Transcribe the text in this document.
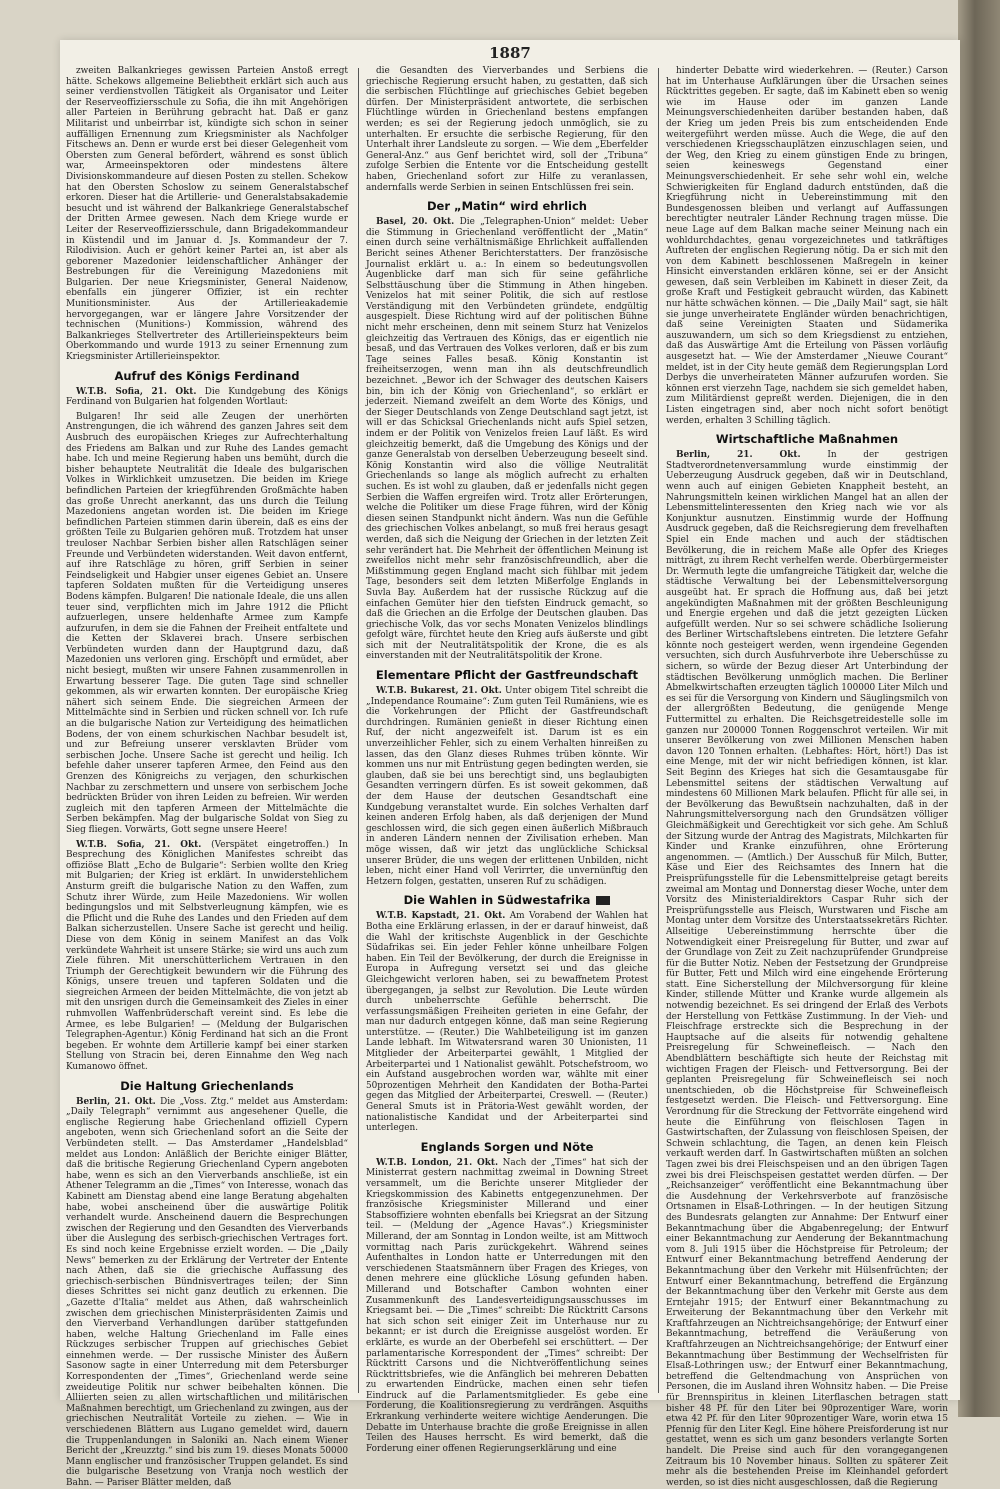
1887

zweiten Balkankrieges gewissen Parteien Anstoß erregt hätte. Schekows allgemeine Beliebtheit erklärt sich auch aus seiner verdienstvollen Tätigkeit als Organisator und Leiter der Reserveoffiziersschule zu Sofia, die ihn mit Angehörigen aller Parteien in Berührung gebracht hat. Daß er ganz Militarist und unbeirrbar ist, kündigte sich schon in seiner auffälligen Ernennung zum Kriegsminister als Nachfolger Fitschews an. Denn er wurde erst bei dieser Gelegenheit vom Obersten zum General befördert, während es sonst üblich war, Armeeinspektoren oder mindestens ältere Divisionskommandeure auf diesen Posten zu stellen. Schekow hat den Obersten Schoslow zu seinem Generalstabschef erkoren. Dieser hat die Artillerie- und Generalstabsakademie besucht und ist während der Balkankriege Generalstabschef der Dritten Armee gewesen. Nach dem Kriege wurde er Leiter der Reserveoffiziersschule, dann Brigadekommandeur in Küstendil und im Januar d. Js. Kommandeur der 7. Rilodivision. Auch er gehört keiner Partei an, ist aber als geborener Mazedonier leidenschaftlicher Anhänger der Bestrebungen für die Vereinigung Mazedoniens mit Bulgarien. Der neue Kriegsminister, General Naidenow, ebenfalls ein jüngerer Offizier, ist ein rechter Munitionsminister. Aus der Artillerieakademie hervorgegangen, war er längere Jahre Vorsitzender der technischen (Munitions-) Kommission, während des Balkankrieges Stellvertreter des Artillerieinspekteurs beim Oberkommando und wurde 1913 zu seiner Ernennung zum Kriegsminister Artillerieinspektor.

Aufruf des Königs Ferdinand

W.T.B. Sofia, 21. Okt. Die Kundgebung des Königs Ferdinand von Bulgarien hat folgenden Wortlaut:

Bulgaren! Ihr seid alle Zeugen der unerhörten Anstrengungen, die ich während des ganzen Jahres seit dem Ausbruch des europäischen Krieges zur Aufrechterhaltung des Friedens am Balkan und zur Ruhe des Landes gemacht habe. Ich und meine Regierung haben uns bemüht, durch die bisher behauptete Neutralität die Ideale des bulgarischen Volkes in Wirklichkeit umzusetzen. Die beiden im Kriege befindlichen Parteien der kriegführenden Großmächte haben das große Unrecht anerkannt, das uns durch die Teilung Mazedoniens angetan worden ist. Die beiden im Kriege befindlichen Parteien stimmen darin überein, daß es eins der größten Teile zu Bulgarien gehören muß. Trotzdem hat unser treuloser Nachbar Serbien bisher allen Ratschlägen seiner Freunde und Verbündeten widerstanden. Weit davon entfernt, auf ihre Ratschläge zu hören, griff Serbien in seiner Feindseligkeit und Habgier unser eigenes Gebiet an. Unsere tapferen Soldaten mußten für die Verteidigung unseres Bodens kämpfen. Bulgaren! Die nationale Ideale, die uns allen teuer sind, verpflichten mich im Jahre 1912 die Pflicht aufzuerlegen, unsere heldenhafte Armee zum Kampfe aufzurufen, in dem sie die Fahnen der Freiheit entfaltete und die Ketten der Sklaverei brach. Unsere serbischen Verbündeten wurden dann der Hauptgrund dazu, daß Mazedonien uns verloren ging. Erschöpft und ermüdet, aber nicht besiegt, mußten wir unsere Fahnen zusammenrollen in Erwartung besserer Tage. Die guten Tage sind schneller gekommen, als wir erwarten konnten. Der europäische Krieg nähert sich seinem Ende. Die siegreichen Armeen der Mittelmächte sind in Serbien und rücken schnell vor. Ich rufe an die bulgarische Nation zur Verteidigung des heimatlichen Bodens, der von einem schurkischen Nachbar besudelt ist, und zur Befreiung unserer versklavten Brüder vom serbischen Joche. Unsere Sache ist gerecht und heilig. Ich befehle daher unserer tapferen Armee, den Feind aus den Grenzen des Königreichs zu verjagen, den schurkischen Nachbar zu zerschmettern und unsere von serbischem Joche bedrückten Brüder von ihren Leiden zu befreien. Wir werden zugleich mit den tapferen Armeen der Mittelmächte die Serben bekämpfen. Mag der bulgarische Soldat von Sieg zu Sieg fliegen. Vorwärts, Gott segne unsere Heere!

W.T.B. Sofia, 21. Okt. (Verspätet eingetroffen.) In Besprechung des Königlichen Manifestes schreibt das offiziöse Blatt „Echo de Bulgarie“: Serbien wollte den Krieg mit Bulgarien; der Krieg ist erklärt. In unwiderstehlichem Ansturm greift die bulgarische Nation zu den Waffen, zum Schutz ihrer Würde, zum Heile Mazedoniens. Wir wollen bedingungslos und mit Selbstverleugnung kämpfen, wie es die Pflicht und die Ruhe des Landes und den Frieden auf dem Balkan sicherzustellen. Unsere Sache ist gerecht und heilig. Diese von dem König in seinem Manifest an das Volk verkündete Wahrheit ist unsere Stärke; sie wird uns auch zum Ziele führen. Mit unerschütterlichem Vertrauen in den Triumph der Gerechtigkeit bewundern wir die Führung des Königs, unsere treuen und tapferen Soldaten und die siegreichen Armeen der beiden Mittelmächte, die von jetzt ab mit den unsrigen durch die Gemeinsamkeit des Zieles in einer ruhmvollen Waffenbrüderschaft vereint sind. Es lebe die Armee, es lebe Bulgarien! — (Meldung der Bulgarischen Telegraphen-Agentur.) König Ferdinand hat sich an die Front begeben. Er wohnte dem Artillerie kampf bei einer starken Stellung von Stracin bei, deren Einnahme den Weg nach Kumanowo öffnet.

Die Haltung Griechenlands

Berlin, 21. Okt. Die „Voss. Ztg.“ meldet aus Amsterdam: „Daily Telegraph“ vernimmt aus angesehener Quelle, die englische Regierung habe Griechenland offiziell Cypern angeboten, wenn sich Griechenland sofort an die Seite der Verbündeten stellt. — Das Amsterdamer „Handelsblad“ meldet aus London: Anläßlich der Berichte einiger Blätter, daß die britische Regierung Griechenland Cypern angeboten habe, wenn es sich an den Vierverbands anschließe, ist ein Athener Telegramm an die „Times“ von Interesse, wonach das Kabinett am Dienstag abend eine lange Beratung abgehalten habe, wobei anscheinend über die auswärtige Politik verhandelt wurde. Anscheinend dauern die Besprechungen zwischen der Regierung und den Gesandten des Vierverbands über die Auslegung des serbisch-griechischen Vertrages fort. Es sind noch keine Ergebnisse erzielt worden. — Die „Daily News“ bemerken zu der Erklärung der Vertreter der Entente nach Athen, daß sie die griechische Auffassung des griechisch-serbischen Bündnisvertrages teilen; der Sinn dieses Schrittes sei nicht ganz deutlich zu erkennen. Die „Gazette d'Italia“ meldet aus Athen, daß wahrscheinlich zwischen dem griechischen Ministerpräsidenten Zaimis und den Vierverband Verhandlungen darüber stattgefunden haben, welche Haltung Griechenland im Falle eines Rückzuges serbischer Truppen auf griechisches Gebiet einnehmen werde. — Der russische Minister des Äußern Sasonow sagte in einer Unterredung mit dem Petersburger Korrespondenten der „Times“, Griechenland werde seine zweideutige Politik nur schwer beibehalten können. Die Alliierten seien zu allen wirtschaftlichen und militärischen Maßnahmen berechtigt, um Griechenland zu zwingen, aus der griechischen Neutralität Vorteile zu ziehen. — Wie in verschiedenen Blättern aus Lugano gemeldet wird, dauern die Truppenlandungen in Saloniki an. Nach einem Wiener Bericht der „Kreuzztg.“ sind bis zum 19. dieses Monats 50000 Mann englischer und französischer Truppen gelandet. Es sind die bulgarische Besetzung von Vranja noch westlich der Bahn. — Pariser Blätter melden, daß

die Gesandten des Vierverbandes und Serbiens die griechische Regierung ersucht haben, zu gestatten, daß sich die serbischen Flüchtlinge auf griechisches Gebiet begeben dürfen. Der Ministerpräsident antwortete, die serbischen Flüchtlinge würden in Griechenland bestens empfangen werden; es sei der Regierung jedoch unmöglich, sie zu unterhalten. Er ersuchte die serbische Regierung, für den Unterhalt ihrer Landsleute zu sorgen. — Wie dem „Eberfelder General-Anz.“ aus Genf berichtet wird, soll der „Tribuna“ zufolge Serbien die Entente vor die Entscheidung gestellt haben, Griechenland sofort zur Hilfe zu veranlassen, andernfalls werde Serbien in seinen Entschlüssen frei sein.

Der „Matin“ wird ehrlich

Basel, 20. Okt. Die „Telegraphen-Union“ meldet: Ueber die Stimmung in Griechenland veröffentlicht der „Matin“ einen durch seine verhältnismäßige Ehrlichkeit auffallenden Bericht seines Athener Berichterstatters. Der französische Journalist erklärt u. a.: In einem so bedeutungsvollen Augenblicke darf man sich für seine gefährliche Selbsttäuschung über die Stimmung in Athen hingeben. Venizelos hat mit seiner Politik, die sich auf restlose Verständigung mit den Verbündeten gründete, endgültig ausgespielt. Diese Richtung wird auf der politischen Bühne nicht mehr erscheinen, denn mit seinem Sturz hat Venizelos gleichzeitig das Vertrauen des Königs, das er eigentlich nie besaß, und das Vertrauen des Volkes verloren, daß er bis zum Tage seines Falles besaß. König Konstantin ist freiheitserzogen, wenn man ihn als deutschfreundlich bezeichnet. „Bewor ich der Schwager des deutschen Kaisers bin, bin ich der König von Griechenland“, so erklärt er jederzeit. Niemand zweifelt an dem Worte des Königs, und der Sieger Deutschlands von Zenge Deutschland sagt jetzt, ist will er das Schicksal Griechenlands nicht aufs Spiel setzen, indem er der Politik von Venizelos freien Lauf läßt. Es wird gleichzeitig bemerkt, daß die Umgebung des Königs und der ganze Generalstab von derselben Ueberzeugung beseelt sind. König Konstantin wird also die völlige Neutralität Griechenlands so lange als möglich aufrecht zu erhalten suchen. Es ist wohl zu glauben, daß er jedenfalls nicht gegen Serbien die Waffen ergreifen wird. Trotz aller Erörterungen, welche die Politiker um diese Frage führen, wird der König diesen seinen Standpunkt nicht ändern. Was nun die Gefühle des griechischen Volkes anbelangt, so muß frei heraus gesagt werden, daß sich die Neigung der Griechen in der letzten Zeit sehr verändert hat. Die Mehrheit der öffentlichen Meinung ist zweifellos nicht mehr sehr französischfreundlich, aber die Mißstimmung gegen England macht sich fühlbar mit jedem Tage, besonders seit dem letzten Mißerfolge Englands in Suvla Bay. Außerdem hat der russische Rückzug auf die einfachen Gemüter hier den tiefsten Eindruck gemacht, so daß die Griechen an die Erfolge der Deutschen glauben. Das griechische Volk, das vor sechs Monaten Venizelos blindlings gefolgt wäre, fürchtet heute den Krieg aufs äußerste und gibt sich mit der Neutralitätspolitik der Krone, die es als einverstanden mit der Neutralitätspolitik der Krone.

Elementare Pflicht der Gastfreundschaft

W.T.B. Bukarest, 21. Okt. Unter obigem Titel schreibt die „Independance Roumaine“: Zum guten Teil Rumäniens, wie es die Vorkehrungen der Pflicht der Gastfreundschaft durchdringen. Rumänien genießt in dieser Richtung einen Ruf, der nicht angezweifelt ist. Darum ist es ein unverzeihlicher Fehler, sich zu einem Verhalten hinreißen zu lassen, das den Glanz dieses Ruhmes trüben könnte. Wir kommen uns nur mit Entrüstung gegen bedingten werden, sie glauben, daß sie bei uns berechtigt sind, uns beglaubigten Gesandten verringern dürfen. Es ist soweit gekommen, daß der dem Hause der deutschen Gesandtschaft eine Kundgebung veranstaltet wurde. Ein solches Verhalten darf keinen anderen Erfolg haben, als daß derjenigen der Mund geschlossen wird, die sich gegen einen äußerlich Mißbrauch in anderen Ländern nennen der Zivilisation erheben. Man möge wissen, daß wir jetzt das unglückliche Schicksal unserer Brüder, die uns wegen der erlittenen Unbilden, nicht leben, nicht einer Hand voll Verirrter, die unvernünftig den Hetzern folgen, gestatten, unseren Ruf zu schädigen.

Die Wahlen in Südwestafrika

W.T.B. Kapstadt, 21. Okt. Am Vorabend der Wahlen hat Botha eine Erklärung erlassen, in der er darauf hinweist, daß die Wahl der kritischste Augenblick in der Geschichte Südafrikas sei. Ein jeder Fehler könne unheilbare Folgen haben. Ein Teil der Bevölkerung, der durch die Ereignisse in Europa in Aufregung versetzt sei und das gleiche Gleichgewicht verloren haben, sei zu bewaffnetem Protest übergegangen, ja selbst zur Revolution. Die Leute würden durch unbeherrschte Gefühle beherrscht. Die verfassungsmäßigen Freiheiten gerieten in eine Gefahr, der man nur dadurch entgegen könne, daß man seine Regierung unterstütze. — (Reuter.) Die Wahlbeteiligung ist im ganzen Lande lebhaft. Im Witwatersrand waren 30 Unionisten, 11 Mitglieder der Arbeiterpartei gewählt, 1 Mitglied der Arbeiterpartei und 1 Nationalist gewählt. Potschefstroom, wo ein Aufstand ausgebrochen worden war, wählte mit einer 50prozentigen Mehrheit den Kandidaten der Botha-Partei gegen das Mitglied der Arbeiterpartei, Creswell. — (Reuter.) General Smuts ist in Prätoria-West gewählt worden, der nationalistische Kandidat und der Arbeiterpartei sind unterlegen.

Englands Sorgen und Nöte

W.T.B. London, 21. Okt. Nach der „Times“ hat sich der Ministerrat gestern nachmittag zweimal in Downing Street versammelt, um die Berichte unserer Mitglieder der Kriegskommission des Kabinetts entgegenzunehmen. Der französische Kriegsminister Millerand und einer Stabsoffiziere wohnten ebenfalls bei Kriegsrat an der Sitzung teil. — (Meldung der „Agence Havas“.) Kriegsminister Millerand, der am Sonntag in London weilte, ist am Mittwoch vormittag nach Paris zurückgekehrt. Während seines Aufenthaltes in London hatte er Unterredungen mit den verschiedenen Staatsmännern über Fragen des Krieges, von denen mehrere eine glückliche Lösung gefunden haben. Millerand und Botschafter Cambon wohnten einer Zusammenkunft des Landesverteidigungsausschusses im Kriegsamt bei. — Die „Times“ schreibt: Die Rücktritt Carsons hat sich schon seit einiger Zeit im Unterhause nur zu bekannt; er ist durch die Ereignisse ausgelöst worden. Er erklärte, es wurde an der Oberbefehl sei erschüttert. — Der parlamentarische Korrespondent der „Times“ schreibt: Der Rücktritt Carsons und die Nichtveröffentlichung seines Rücktrittsbriefes, wie die Anfänglich bei mehreren Debatten zu erwartenden Eindrücke, machen einen sehr tiefen Eindruck auf die Parlamentsmitglieder. Es gebe eine Forderung, die Koalitionsregierung zu verdrängen. Asquiths Erkrankung verhinderte weitere wichtige Aenderungen. Die Debatte im Unterhause brachte die große Ereignisse in allen Teilen des Hauses herrscht. Es wird bemerkt, daß die Forderung einer offenen Regierungserklärung und eine

hinderter Debatte wird wiederkehren. — (Reuter.) Carson hat im Unterhause Aufklärungen über die Ursachen seines Rücktrittes gegeben. Er sagte, daß im Kabinett eben so wenig wie im Hause oder im ganzen Lande Meinungsverschiedenheiten darüber bestanden haben, daß der Krieg um jeden Preis bis zum entscheidenden Ende weitergeführt werden müsse. Auch die Wege, die auf den verschiedenen Kriegsschauplätzen einzuschlagen seien, und der Weg, den Krieg zu einem günstigen Ende zu bringen, seien keineswegs Gegenstand einer Meinungsverschiedenheit. Er sehe sehr wohl ein, welche Schwierigkeiten für England dadurch entstünden, daß die Kriegführung nicht in Uebereinstimmung mit den Bundesgenossen bleiben und verlangt auf Auffassungen berechtigter neutraler Länder Rechnung tragen müsse. Die neue Lage auf dem Balkan mache seiner Meinung nach ein wohldurchdachtes, genau vorgezeichnetes und tatkräftiges Auftreten der englischen Regierung nötig. Da er sich mit den von dem Kabinett beschlossenen Maßregeln in keiner Hinsicht einverstanden erklären könne, sei er der Ansicht gewesen, daß sein Verbleiben im Kabinett in dieser Zeit, da große Kraft und Festigkeit gebraucht würden, das Kabinett nur hätte schwächen können. — Die „Daily Mail“ sagt, sie hält sie junge unverheiratete Engländer würden benachrichtigen, daß seine Vereinigten Staaten und Südamerika auszuwandern, um sich so dem Kriegsdienst zu entziehen, daß das Auswärtige Amt die Erteilung von Pässen vorläufig ausgesetzt hat. — Wie der Amsterdamer „Nieuwe Courant“ meldet, ist in der City heute gemäß dem Regierungsplan Lord Derbys die unverheirateten Männer aufzurufen worden. Sie können erst vierzehn Tage, nachdem sie sich gemeldet haben, zum Militärdienst gepreßt werden. Diejenigen, die in den Listen eingetragen sind, aber noch nicht sofort benötigt werden, erhalten 3 Schilling täglich.

Wirtschaftliche Maßnahmen

Berlin, 21. Okt.	In der gestrigen Stadtverordnetenversammlung wurde einstimmig der Ueberzeugung Ausdruck gegeben, daß wir in Deutschland, wenn auch auf einigen Gebieten Knappheit besteht, an Nahrungsmitteln keinen wirklichen Mangel hat an allen der Lebensmittelinteressenten den Krieg nach wie vor als Konjunktur ausnutzen. Einstimmig wurde der Hoffnung Ausdruck gegeben, daß die Reichsregierung dem frevelhaften Spiel ein Ende machen und auch der städtischen Bevölkerung, die in reichem Maße alle Opfer des Krieges mitträgt, zu ihrem Recht verhelfen werde. Oberbürgermeister Dr. Wermuth legte die umfangreiche Tätigkeit dar, welche die städtische Verwaltung bei der Lebensmittelversorgung ausgeübt hat. Er sprach die Hoffnung aus, daß bei jetzt angekündigten Maßnahmen mit der größten Beschleunigung und Energie ergehen und daß die jetzt gezeigten Lücken aufgefüllt werden. Nur so sei schwere schädliche Isolierung des Berliner Wirtschaftslebens eintreten. Die letztere Gefahr könnte noch gesteigert werden, wenn irgendeine Gegenden versuchten, sich durch Ausfuhrverbote ihre Ueberschüsse zu sichern, so würde der Bezug dieser Art Unterbindung der städtischen Bevölkerung unmöglich machen. Die Berliner Abmelkwirtschaften erzeugten täglich 100000 Liter Milch und es sei für die Versorgung von Kindern und Säuglingsmilch von der allergrößten Bedeutung, die genügende Menge Futtermittel zu erhalten. Die Reichsgetreidestelle solle im ganzen nur 200000 Tonnen Roggenschrot verteilen. Wir mit unserer Bevölkerung von zwei Millionen Menschen haben davon 120 Tonnen erhalten. (Lebhaftes: Hört, hört!) Das ist eine Menge, mit der wir nicht befriedigen können, ist klar. Seit Beginn des Krieges hat sich die Gesamtausgabe für Lebensmittel seitens der städtischen Verwaltung auf mindestens 60 Millionen Mark belaufen. Pflicht für alle sei, in der Bevölkerung das Bewußtsein nachzuhalten, daß in der Nahrungsmittelversorgung nach den Grundsätzen völliger Gleichmäßigkeit und Gerechtigkeit vor sich gehe. Am Schluß der Sitzung wurde der Antrag des Magistrats, Milchkarten für Kinder und Kranke einzuführen, ohne Erörterung angenommen. — (Amtlich.) Der Ausschuß für Milch, Butter, Käse und Eier des Reichsamtes des Innern hat die Preisprüfungsstelle für die Lebensmittelpreise getagt bereits zweimal am Montag und Donnerstag dieser Woche, unter dem Vorsitz des Ministerialdirektors Caspar Ruhr sich der Preisprüfungsstelle aus Fleisch, Wurstwaren und Fische am Montag unter dem Vorsitze des Unterstaatssekretärs Richter. Allseitige Uebereinstimmung herrschte über die Notwendigkeit einer Preisregelung für Butter, und zwar auf der Grundlage von Zeit zu Zeit nachzuprüfender Grundpreise für die Butter Notiz. Neben der Festsetzung der Grundpreise für Butter, Fett und Milch wird eine eingehende Erörterung statt. Eine Sicherstellung der Milchversorgung für kleine Kinder, stillende Mütter und Kranke wurde allgemein als notwendig bezeichnet. Es sei dringend der Erlaß des Verbots der Herstellung von Fettkäse Zustimmung. In der Vieh- und Fleischfrage erstreckte sich die Besprechung in der Hauptsache auf die alseits für notwendig gehaltene Preisregelung für Schweinefleisch. — Nach den Abendblättern beschäftigte sich heute der Reichstag mit wichtigen Fragen der Fleisch- und Fettversorgung. Bei der geplanten Preisregelung für Schweinefleisch sei noch unentschieden, ob die Höchstpreise für Schweinefleisch festgesetzt werden. Die Fleisch- und Fettversorgung. Eine Verordnung für die Streckung der Fettvorräte eingehend wird heute die Einführung von fleischlosen Tagen in Gastwirtschaften, der Zulassung von fleischlosen Speisen, der Schwein schlachtung, die Tagen, an denen kein Fleisch verkauft werden darf. In Gastwirtschaften müßten an solchen Tagen zwei bis drei Fleischspeisen und an den übrigen Tagen zwei bis drei Fleischspeisen gestattet werden dürfen. — Der „Reichsanzeiger“ veröffentlicht eine Bekanntmachung über die Ausdehnung der Verkehrsverbote auf französische Ortsnamen in Elsaß-Lothringen. — In der heutigen Sitzung des Bundesrats gelangten zur Annahme: Der Entwurf einer Bekanntmachung über die Abgabenregelung; der Entwurf einer Bekanntmachung zur Aenderung der Bekanntmachung vom 8. Juli 1915 über die Höchstpreise für Petroleum; der Entwurf einer Bekanntmachung betreffend Aenderung der Bekanntmachung über den Verkehr mit Hülsenfrüchten; der Entwurf einer Bekanntmachung, betreffend die Ergänzung der Bekanntmachung über den Verkehr mit Gerste aus dem Erntejahr 1915; der Entwurf einer Bekanntmachung zu Erweiterung der Bekanntmachung über den Verkehr mit Kraftfahrzeugen an Nichtreichsangehörige; der Entwurf einer Bekanntmachung, betreffend die Veräußerung von Kraftfahrzeugen an Nichtreichsangehörige; der Entwurf einer Bekanntmachung über Bestimmung der Wechselfristen für Elsaß-Lothringen usw.; der Entwurf einer Bekanntmachung, betreffend die Geltendmachung von Ansprüchen von Personen, die im Ausland ihren Wohnsitz haben. — Die Preise für Brennspiritus in kleinen Literflaschen betragen statt bisher 48 Pf. für den Liter bei 90prozentiger Ware, worin etwa 42 Pf. für den Liter 90prozentiger Ware, worin etwa 15 Pfennig für den Liter Kegl. Eine höhere Preisforderung ist nur gestattet, wenn es sich um ganz besonders verlangte Sorten handelt. Die Preise sind auch für den vorangegangenen Zeitraum bis 10 November hinaus. Sollten zu späterer Zeit mehr als die bestehenden Preise im Kleinhandel gefordert werden, so ist dies nicht ausgeschlossen, daß die Regierung
